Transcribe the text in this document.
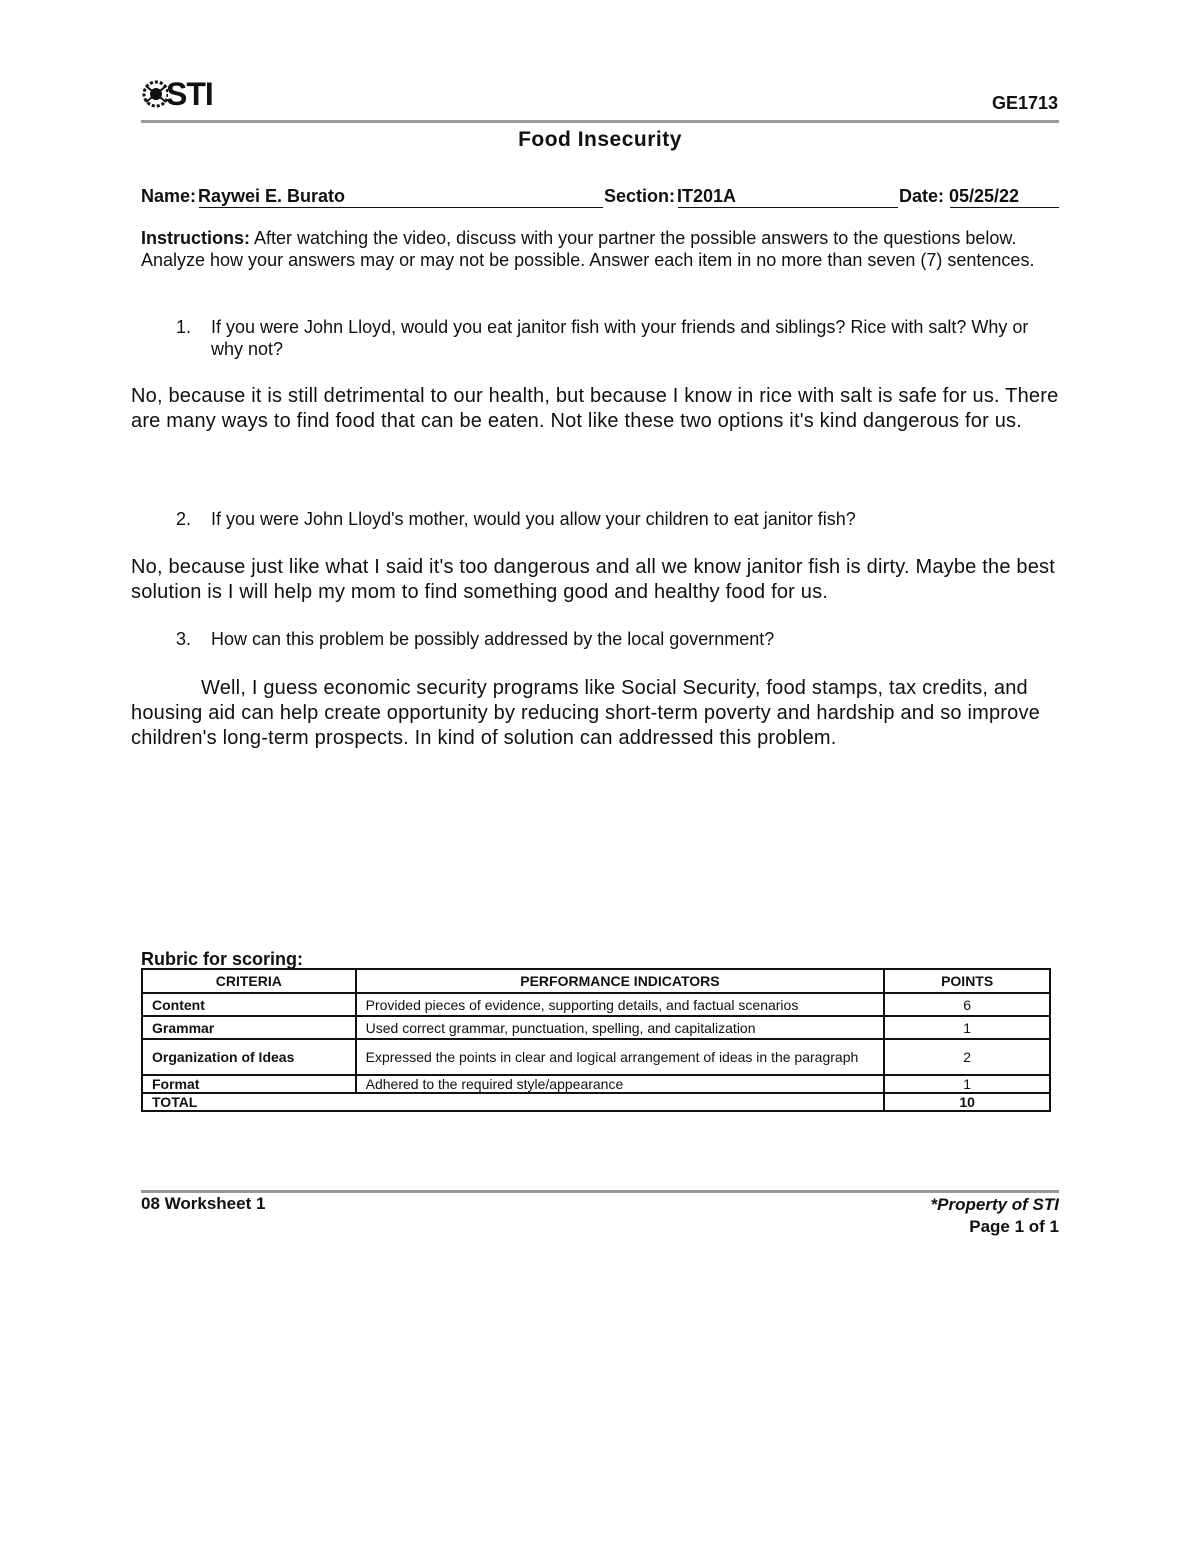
STI	GE1713
Food Insecurity
Name: Raywei E. Burato	Section: IT201A	Date: 05/25/22
Instructions: After watching the video, discuss with your partner the possible answers to the questions below. Analyze how your answers may or may not be possible. Answer each item in no more than seven (7) sentences.
1. If you were John Lloyd, would you eat janitor fish with your friends and siblings? Rice with salt? Why or why not?
No, because it is still detrimental to our health, but because I know in rice with salt is safe for us. There are many ways to find food that can be eaten. Not like these two options it's kind dangerous for us.
2. If you were John Lloyd's mother, would you allow your children to eat janitor fish?
No, because just like what I said it's too dangerous and all we know janitor fish is dirty. Maybe the best solution is I will help my mom to find something good and healthy food for us.
3. How can this problem be possibly addressed by the local government?
Well, I guess economic security programs like Social Security, food stamps, tax credits, and housing aid can help create opportunity by reducing short-term poverty and hardship and so improve children's long-term prospects. In kind of solution can addressed this problem.
Rubric for scoring:
CRITERIA	PERFORMANCE INDICATORS	POINTS
Content	Provided pieces of evidence, supporting details, and factual scenarios	6
Grammar	Used correct grammar, punctuation, spelling, and capitalization	1
Organization of Ideas	Expressed the points in clear and logical arrangement of ideas in the paragraph	2
Format	Adhered to the required style/appearance	1
TOTAL		10
08 Worksheet 1	*Property of STI
Page 1 of 1
